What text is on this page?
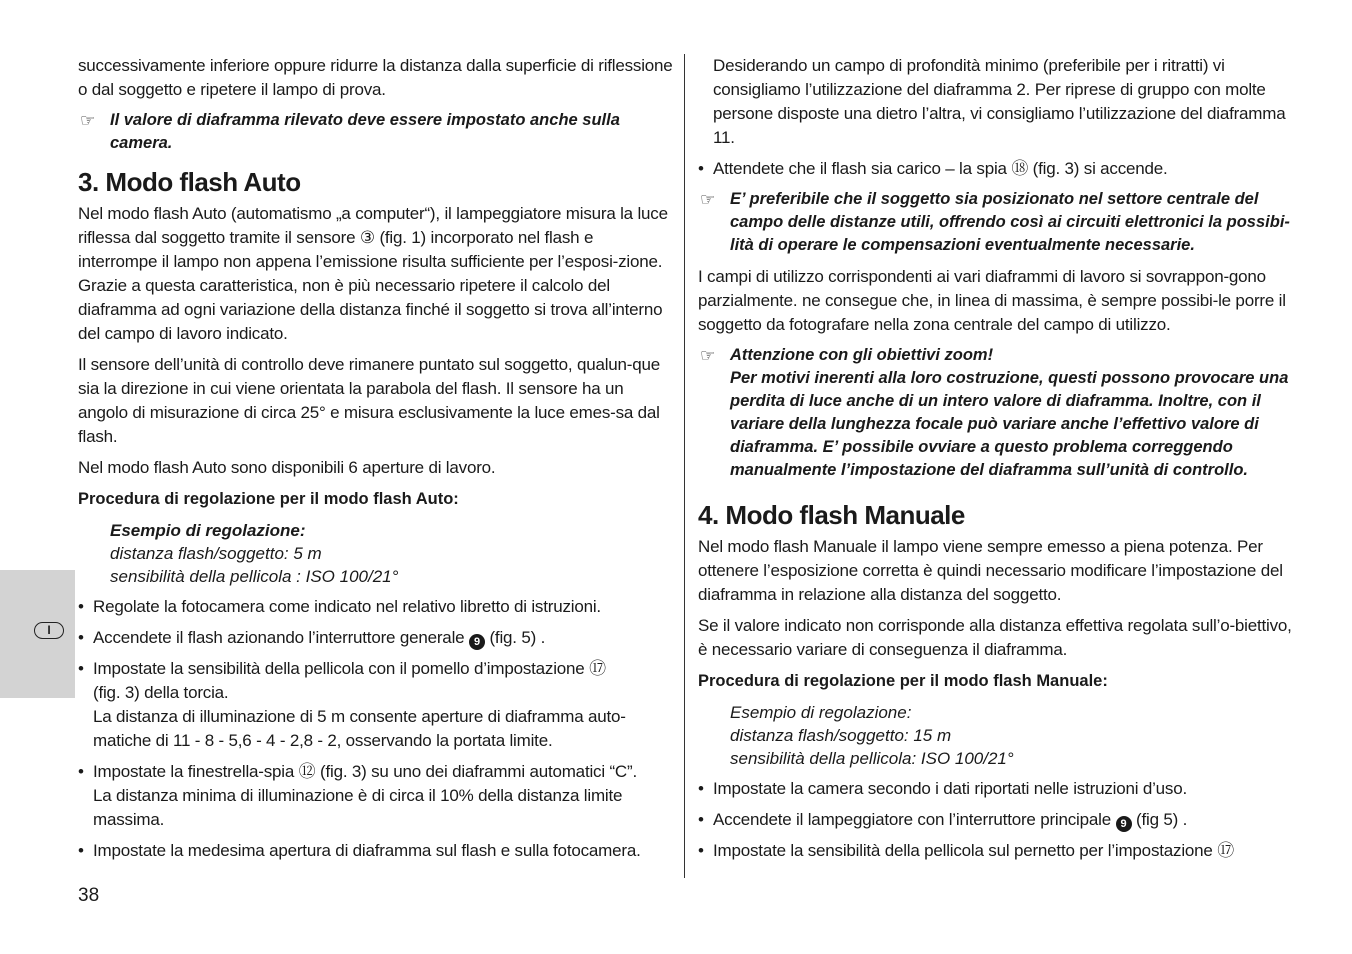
I

successivamente inferiore oppure ridurre la distanza dalla superficie di riflessione o dal soggetto e ripetere il lampo di prova.

☞ Il valore di diaframma rilevato deve essere impostato anche sulla camera.
3. Modo flash Auto

Nel modo flash Auto (automatismo „a computer“), il lampeggiatore misura la luce riflessa dal soggetto tramite il sensore ③ (fig. 1) incorporato nel flash e interrompe il lampo non appena l’emissione risulta sufficiente per l’esposi-zione. Grazie a questa caratteristica, non è più necessario ripetere il calcolo del diaframma ad ogni variazione della distanza finché il soggetto si trova all’interno del campo di lavoro indicato.

Il sensore dell’unità di controllo deve rimanere puntato sul soggetto, qualun-que sia la direzione in cui viene orientata la parabola del flash. Il sensore ha un angolo di misurazione di circa 25° e misura esclusivamente la luce emes-sa dal flash.

Nel modo flash Auto sono disponibili 6 aperture di lavoro.

Procedura di regolazione per il modo flash Auto:
Esempio di regolazione:
distanza flash/soggetto: 5 m
sensibilità della pellicola : ISO 100/21°
• Regolate la fotocamera come indicato nel relativo libretto di istruzioni.
• Accendete il flash azionando l’interruttore generale 9 (fig. 5) .
• Impostate la sensibilità della pellicola con il pomello d’impostazione ⑰
(fig. 3) della torcia.
La distanza di illuminazione di 5 m consente aperture di diaframma auto-matiche di 11 - 8 - 5,6 - 4 - 2,8 - 2, osservando la portata limite.
• Impostate la finestrella-spia ⑫ (fig. 3) su uno dei diaframmi automatici “C”.
La distanza minima di illuminazione è di circa il 10% della distanza limite massima.
• Impostate la medesima apertura di diaframma sul flash e sulla fotocamera.

Desiderando un campo di profondità minimo (preferibile per i ritratti) vi consigliamo l’utilizzazione del diaframma 2. Per riprese di gruppo con molte persone disposte una dietro l’altra, vi consigliamo l’utilizzazione del diaframma 11.

• Attendete che il flash sia carico – la spia ⑱ (fig. 3) si accende.
☞ E’ preferibile che il soggetto sia posizionato nel settore centrale del campo delle distanze utili, offrendo così ai circuiti elettronici la possibi-lità di operare le compensazioni eventualmente necessarie.

I campi di utilizzo corrispondenti ai vari diaframmi di lavoro si sovrappon-gono parzialmente. ne consegue che, in linea di massima, è sempre possibi-le porre il soggetto da fotografare nella zona centrale del campo di utilizzo.

☞ Attenzione con gli obiettivi zoom!
Per motivi inerenti alla loro costruzione, questi possono provocare una perdita di luce anche di un intero valore di diaframma. Inoltre, con il variare della lunghezza focale può variare anche l’effettivo valore di diaframma. E’ possibile ovviare a questo problema correggendo manualmente l’impostazione del diaframma sull’unità di controllo.
4. Modo flash Manuale

Nel modo flash Manuale il lampo viene sempre emesso a piena potenza. Per ottenere l’esposizione corretta è quindi necessario modificare l’impostazione del diaframma in relazione alla distanza del soggetto.

Se il valore indicato non corrisponde alla distanza effettiva regolata sull’o-biettivo, è necessario variare di conseguenza il diaframma.

Procedura di regolazione per il modo flash Manuale:
Esempio di regolazione:
distanza flash/soggetto: 15 m
sensibilità della pellicola: ISO 100/21°
• Impostate la camera secondo i dati riportati nelle istruzioni d’uso.
• Accendete il lampeggiatore con l’interruttore principale 9 (fig 5) .
• Impostate la sensibilità della pellicola sul pernetto per l’impostazione ⑰
38
